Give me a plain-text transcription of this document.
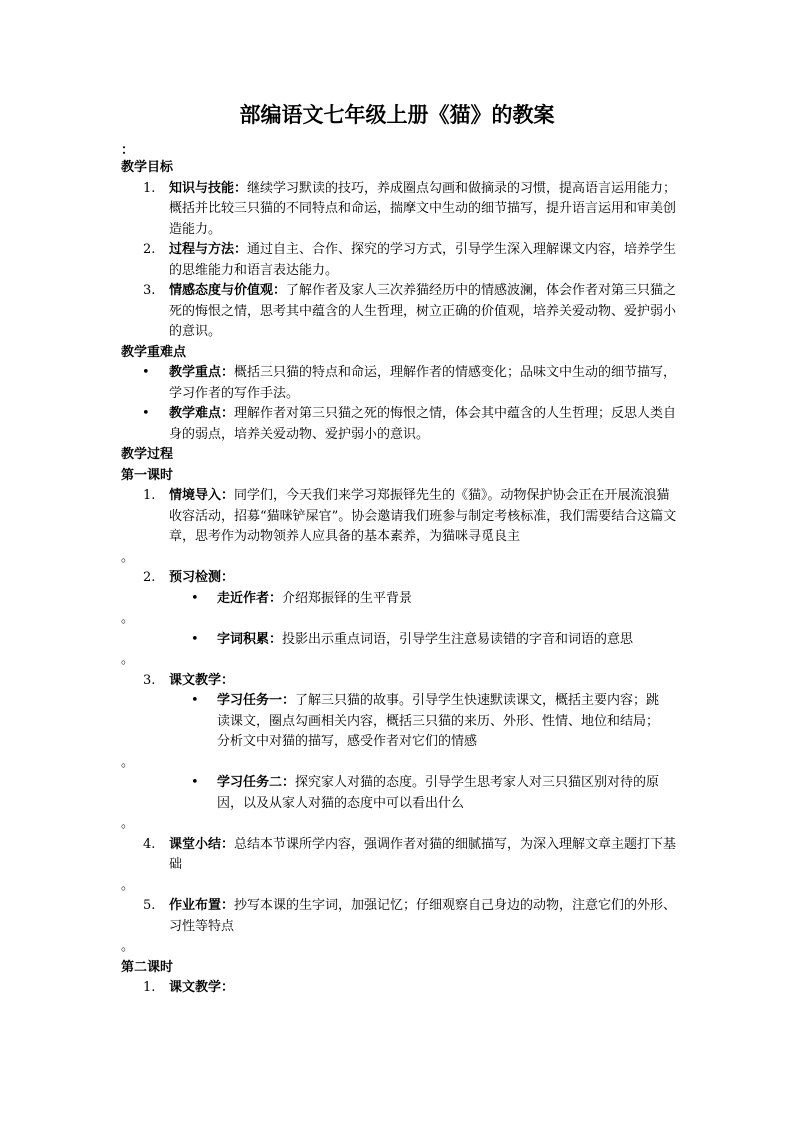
部编语文七年级上册《猫》的教案
：
教学目标
1. 知识与技能：继续学习默读的技巧，养成圈点勾画和做摘录的习惯，提高语言运用能力；概括并比较三只猫的不同特点和命运，揣摩文中生动的细节描写，提升语言运用和审美创造能力。
2. 过程与方法：通过自主、合作、探究的学习方式，引导学生深入理解课文内容，培养学生的思维能力和语言表达能力。
3. 情感态度与价值观：了解作者及家人三次养猫经历中的情感波澜，体会作者对第三只猫之死的悔恨之情，思考其中蕴含的人生哲理，树立正确的价值观，培养关爱动物、爱护弱小的意识。
教学重难点
• 教学重点：概括三只猫的特点和命运，理解作者的情感变化；品味文中生动的细节描写，学习作者的写作手法。
• 教学难点：理解作者对第三只猫之死的悔恨之情，体会其中蕴含的人生哲理；反思人类自身的弱点，培养关爱动物、爱护弱小的意识。
教学过程
第一课时
1. 情境导入：同学们，今天我们来学习郑振铎先生的《猫》。动物保护协会正在开展流浪猫收容活动，招募“猫咪铲屎官”。协会邀请我们班参与制定考核标准，我们需要结合这篇文章，思考作为动物领养人应具备的基本素养，为猫咪寻觅良主
。
2. 预习检测：
• 走近作者：介绍郑振铎的生平背景
。
• 字词积累：投影出示重点词语，引导学生注意易读错的字音和词语的意思
。
3. 课文教学：
• 学习任务一：了解三只猫的故事。引导学生快速默读课文，概括主要内容；跳读课文，圈点勾画相关内容，概括三只猫的来历、外形、性情、地位和结局；分析文中对猫的描写，感受作者对它们的情感
。
• 学习任务二：探究家人对猫的态度。引导学生思考家人对三只猫区别对待的原因，以及从家人对猫的态度中可以看出什么
。
4. 课堂小结：总结本节课所学内容，强调作者对猫的细腻描写，为深入理解文章主题打下基础
。
5. 作业布置：抄写本课的生字词，加强记忆；仔细观察自己身边的动物，注意它们的外形、习性等特点
。
第二课时
1. 课文教学：
